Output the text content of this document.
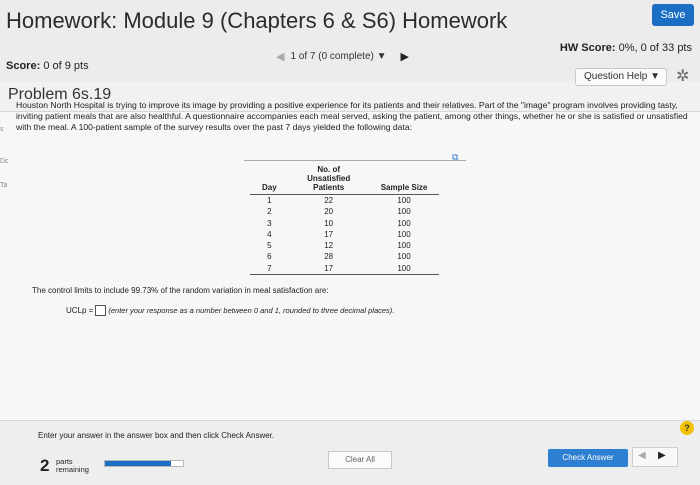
Homework: Module 9 (Chapters 6 & S6) Homework	Save
Score: 0 of 9 pts
◀ 1 of 7 (0 complete) ▼ ▶
HW Score: 0%, 0 of 33 pts
Problem 6s.19
Question Help ▼ ✲
s
Dc
Ta
Houston North Hospital is trying to improve its image by providing a positive experience for its patients and their relatives. Part of the "image" program involves providing tasty, inviting patient meals that are also healthful. A questionnaire accompanies each meal served, asking the patient, among other things, whether he or she is satisfied or unsatisfied with the meal. A 100-patient sample of the survey results over the past 7 days yielded the following data:
⧉
Day	No. of Unsatisfied Patients	Sample Size
1	22	100
2	20	100
3	10	100
4	17	100
5	12	100
6	28	100
7	17	100
The control limits to include 99.73% of the random variation in meal satisfaction are:
UCLp = (enter your response as a number between 0 and 1, rounded to three decimal places).
Enter your answer in the answer box and then click Check Answer.
?
2 parts
remaining
Clear All	Check Answer	◀ ▶
